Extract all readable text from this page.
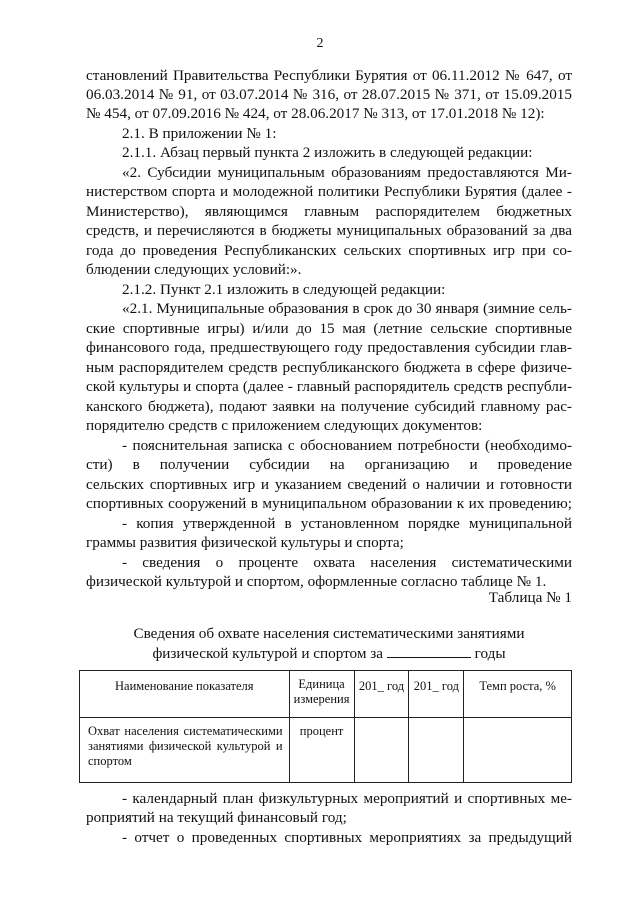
2
становлений Правительства Республики Бурятия от 06.11.2012 № 647, от
06.03.2014 № 91, от 03.07.2014 № 316, от 28.07.2015 № 371, от 15.09.2015
№ 454, от 07.09.2016 № 424, от 28.06.2017 № 313, от 17.01.2018 № 12):
2.1. В приложении № 1:
2.1.1. Абзац первый пункта 2 изложить в следующей редакции:
«2. Субсидии муниципальным образованиям предоставляются Ми-
нистерством спорта и молодежной политики Республики Бурятия (далее -
Министерство), являющимся главным распорядителем бюджетных
средств, и перечисляются в бюджеты муниципальных образований за два
года до проведения Республиканских сельских спортивных игр при со-
блюдении следующих условий:».
2.1.2. Пункт 2.1 изложить в следующей редакции:
«2.1. Муниципальные образования в срок до 30 января (зимние сель-
ские спортивные игры) и/или до 15 мая (летние сельские спортивные
финансового года, предшествующего году предоставления субсидии глав-
ным распорядителем средств республиканского бюджета в сфере физиче-
ской культуры и спорта (далее - главный распорядитель средств республи-
канского бюджета), подают заявки на получение субсидий главному рас-
порядителю средств с приложением следующих документов:
- пояснительная записка с обоснованием потребности (необходимо-
сти) в получении субсидии на организацию и проведение
сельских спортивных игр и указанием сведений о наличии и готовности
спортивных сооружений в муниципальном образовании к их проведению;
- копия утвержденной в установленном порядке муниципальной
граммы развития физической культуры и спорта;
- сведения о проценте охвата населения систематическими
физической культурой и спортом, оформленные согласно таблице № 1.
Таблица № 1
Сведения об охвате населения систематическими занятиями
физической культурой и спортом за	годы
Наименование показателя	Единица измерения	201_ год	201_ год	Темп роста, %
Охват населения систематическими занятиями физической культурой и спортом	процент			
- календарный план физкультурных мероприятий и спортивных ме-
роприятий на текущий финансовый год;
- отчет о проведенных спортивных мероприятиях за предыдущий
